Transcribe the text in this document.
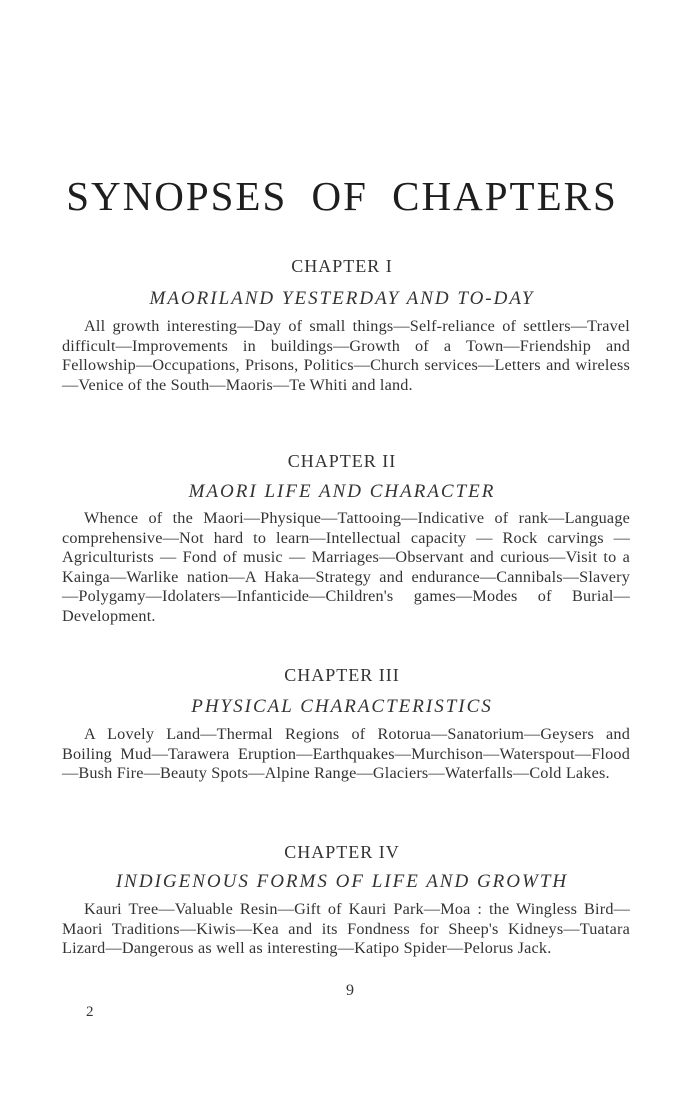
SYNOPSES OF CHAPTERS
CHAPTER I
MAORILAND YESTERDAY AND TO-DAY

All growth interesting—Day of small things—Self-reliance of settlers—Travel difficult—Improvements in buildings—Growth of a Town—Friendship and Fellowship—Occupations, Prisons, Politics—Church services—Letters and wireless—Venice of the South—Maoris—Te Whiti and land.

CHAPTER II
MAORI LIFE AND CHARACTER

Whence of the Maori—Physique—Tattooing—Indicative of rank—Language comprehensive—Not hard to learn—Intellectual capacity — Rock carvings — Agriculturists — Fond of music — Marriages—Observant and curious—Visit to a Kainga—Warlike nation—A Haka—Strategy and endurance—Cannibals—Slavery—Polygamy—Idolaters—Infanticide—Children's games—Modes of Burial—Development.

CHAPTER III
PHYSICAL CHARACTERISTICS

A Lovely Land—Thermal Regions of Rotorua—Sanatorium—Geysers and Boiling Mud—Tarawera Eruption—Earthquakes—Murchison—Waterspout—Flood—Bush Fire—Beauty Spots—Alpine Range—Glaciers—Waterfalls—Cold Lakes.

CHAPTER IV
INDIGENOUS FORMS OF LIFE AND GROWTH

Kauri Tree—Valuable Resin—Gift of Kauri Park—Moa : the Wingless Bird—Maori Traditions—Kiwis—Kea and its Fondness for Sheep's Kidneys—Tuatara Lizard—Dangerous as well as interesting—Katipo Spider—Pelorus Jack.

9
2
